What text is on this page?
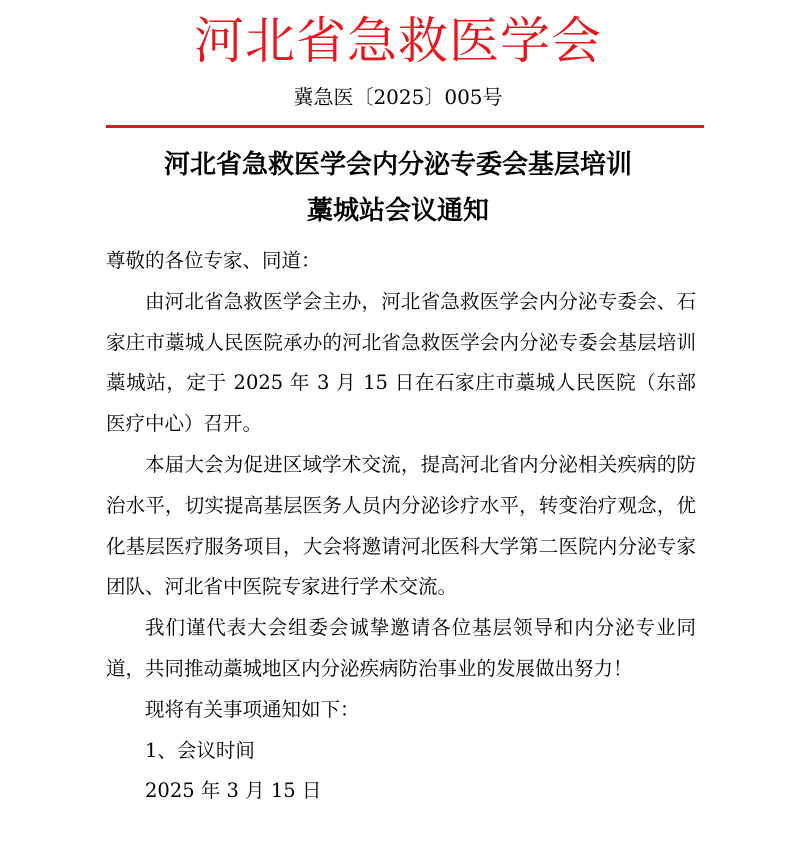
河北省急救医学会
冀急医〔2025〕005号
河北省急救医学会内分泌专委会基层培训
藁城站会议通知

尊敬的各位专家、同道：

由河北省急救医学会主办，河北省急救医学会内分泌专委会、石家庄市藁城人民医院承办的河北省急救医学会内分泌专委会基层培训藁城站，定于 2025 年 3 月 15 日在石家庄市藁城人民医院（东部医疗中心）召开。

本届大会为促进区域学术交流，提高河北省内分泌相关疾病的防治水平，切实提高基层医务人员内分泌诊疗水平，转变治疗观念，优化基层医疗服务项目，大会将邀请河北医科大学第二医院内分泌专家团队、河北省中医院专家进行学术交流。

我们谨代表大会组委会诚挚邀请各位基层领导和内分泌专业同道，共同推动藁城地区内分泌疾病防治事业的发展做出努力！

现将有关事项通知如下：

1、会议时间

2025 年 3 月 15 日
